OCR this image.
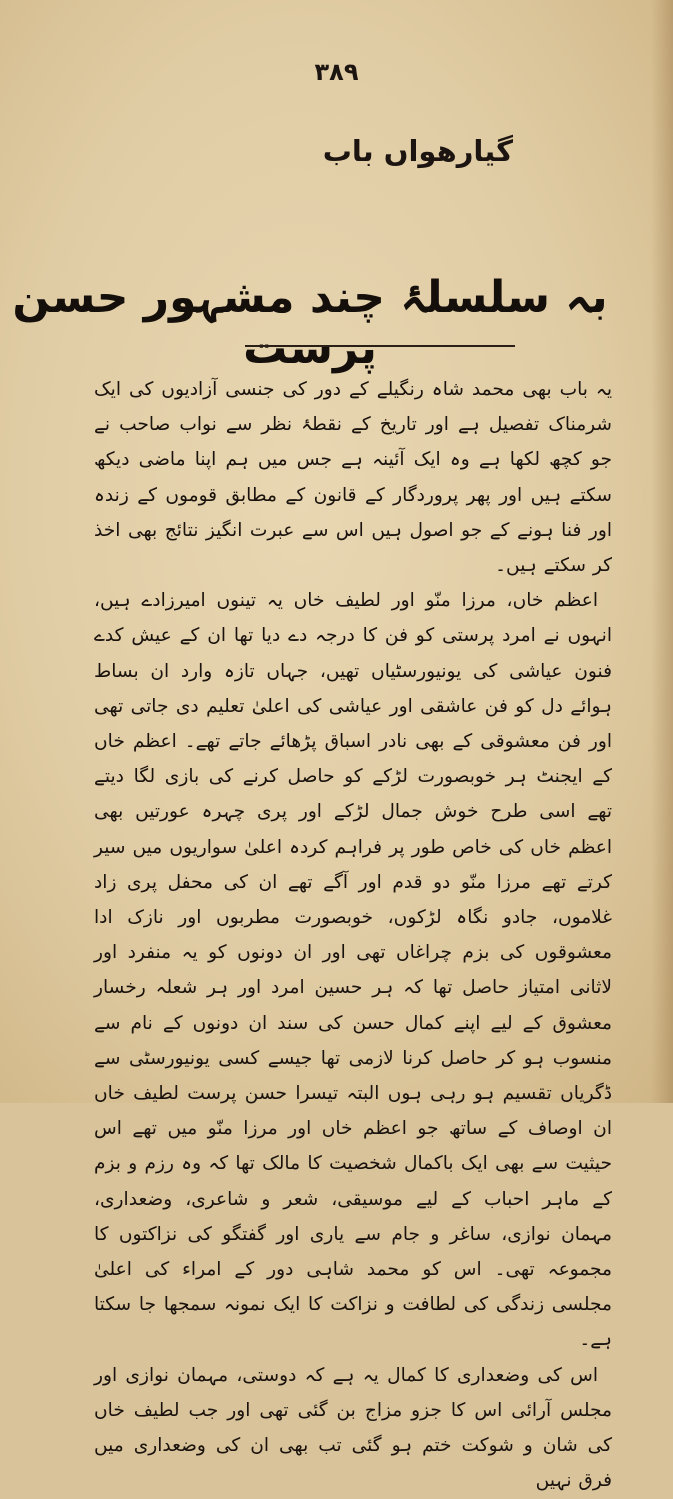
۳۸۹
گیارھواں باب
بہ سلسلۂ چند مشہور حسن پرست

یہ باب بھی محمد شاہ رنگیلے کے دور کی جنسی آزادیوں کی ایک شرمناک تفصیل ہے اور تاریخ کے نقطۂ نظر سے نواب صاحب نے جو کچھ لکھا ہے وہ ایک آئینہ ہے جس میں ہم اپنا ماضی دیکھ سکتے ہیں اور پھر پروردگار کے قانون کے مطابق قوموں کے زندہ اور فنا ہونے کے جو اصول ہیں اس سے عبرت انگیز نتائج بھی اخذ کر سکتے ہیں۔

اعظم خاں، مرزا منّو اور لطیف خاں یہ تینوں امیرزادے ہیں، انہوں نے امرد پرستی کو فن کا درجہ دے دیا تھا ان کے عیش کدے فنون عیاشی کی یونیورسٹیاں تھیں، جہاں تازہ وارد ان بساط ہوائے دل کو فن عاشقی اور عیاشی کی اعلیٰ تعلیم دی جاتی تھی اور فن معشوقی کے بھی نادر اسباق پڑھائے جاتے تھے۔ اعظم خاں کے ایجنٹ ہر خوبصورت لڑکے کو حاصل کرنے کی بازی لگا دیتے تھے اسی طرح خوش جمال لڑکے اور پری چہرہ عورتیں بھی اعظم خاں کی خاص طور پر فراہم کردہ اعلیٰ سواریوں میں سیر کرتے تھے مرزا منّو دو قدم اور آگے تھے ان کی محفل پری زاد غلاموں، جادو نگاہ لڑکوں، خوبصورت مطربوں اور نازک ادا معشوقوں کی بزم چراغاں تھی اور ان دونوں کو یہ منفرد اور لاثانی امتیاز حاصل تھا کہ ہر حسین امرد اور ہر شعلہ رخسار معشوق کے لیے اپنے کمال حسن کی سند ان دونوں کے نام سے منسوب ہو کر حاصل کرنا لازمی تھا جیسے کسی یونیورسٹی سے ڈگریاں تقسیم ہو رہی ہوں البتہ تیسرا حسن پرست لطیف خاں ان اوصاف کے ساتھ جو اعظم خاں اور مرزا منّو میں تھے اس حیثیت سے بھی ایک باکمال شخصیت کا مالک تھا کہ وہ رزم و بزم کے ماہر احباب کے لیے موسیقی، شعر و شاعری، وضعداری، مہمان نوازی، ساغر و جام سے یاری اور گفتگو کی نزاکتوں کا مجموعہ تھی۔ اس کو محمد شاہی دور کے امراء کی اعلیٰ مجلسی زندگی کی لطافت و نزاکت کا ایک نمونہ سمجھا جا سکتا ہے۔

اس کی وضعداری کا کمال یہ ہے کہ دوستی، مہمان نوازی اور مجلس آرائی اس کا جزو مزاج بن گئی تھی اور جب لطیف خاں کی شان و شوکت ختم ہو گئی تب بھی ان کی وضعداری میں فرق نہیں
